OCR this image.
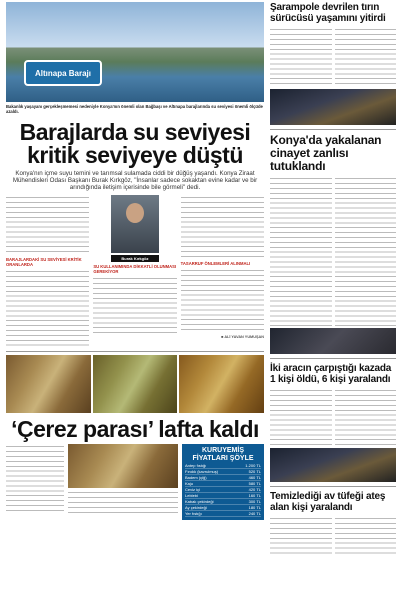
Altınapa Barajı
Bakanlık yaşayanı gerçekleşmemesi nedeniyle Konya'nın önemli olan Bağbaşı ve Altınapa barajlarında su seviyesi önemli ölçüde azaldı.
Barajlarda su seviyesi
kritik seviyeye düştü
Konya'nın içme suyu temini ve tarımsal sulamada ciddi bir düğüş yaşandı. Konya Ziraat Mühendisleri Odası Başkanı Burak Kırkgöz, "İnsanlar sadece sokaktan evine kadar ve bir arındığında iletişim içerisinde bile görmeli" dedi.
BARAJLARDAKİ SU SEVİYESİ KRİTİK ORANLARDA
Burak Kırkgöz
SU KULLANIMINDA DİKKATLİ OLUNMASI GEREKİYOR
TASARRUF ÖNLEMLERİ ALINMALI
■ ALİ YAVAN YUMUŞAN
‘Çerez parası’ lafta kaldı
KURUYEMİŞ FİYATLARI ŞÖYLE
Antep fıstığı	1.200 TL
Fındık (kavrulmuş)	520 TL
Badem (çiğ)	460 TL
Kaju	580 TL
Ceviz içi	420 TL
Leblebi	160 TL
Kabak çekirdeği	300 TL
Ay çekirdeği	180 TL
Yer fıstığı	240 TL
Şarampole devrilen tırın sürücüsü yaşamını yitirdi
Konya'da yakalanan cinayet zanlısı tutuklandı
İki aracın çarpıştığı kazada 1 kişi öldü, 6 kişi yaralandı
Temizlediği av tüfeği ateş alan kişi yaralandı
